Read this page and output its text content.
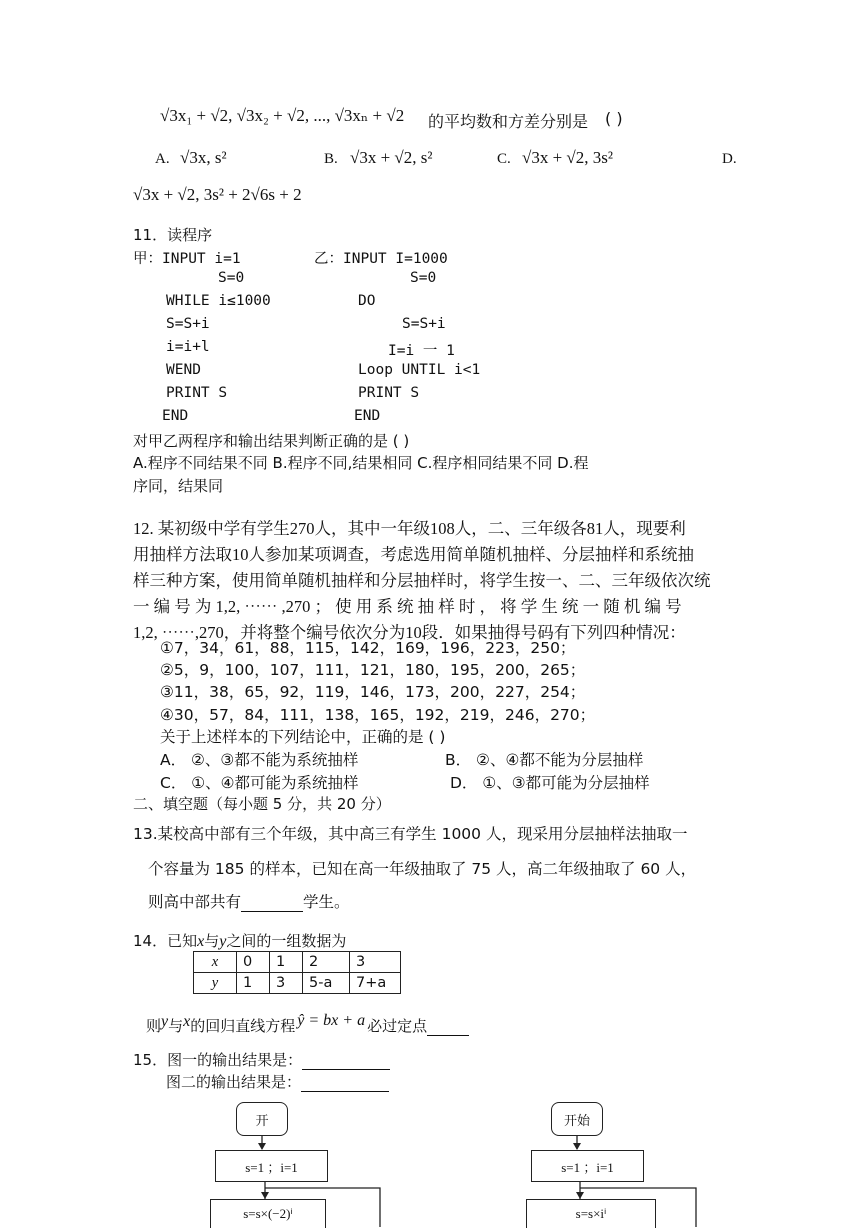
√3x₁ + √2, √3x₂ + √2, ..., √3xₙ + √2 的平均数和方差分别是 ( )
A. √3x, s²	B. √3x + √2, s²	C. √3x + √2, 3s²	D.
√3x + √2, 3s² + 2√6s + 2
11．读程序
甲：INPUT i=1	乙：INPUT I=1000
S=0
WHILE i≤1000
S=S+i
i=i+l
WEND
PRINT S
END
S=0
DO
S=S+i
I=i 一 1
Loop UNTIL i<1
PRINT S
END
对甲乙两程序和输出结果判断正确的是 ( )
A.程序不同结果不同 B.程序不同,结果相同 C.程序相同结果不同 D.程
序同，结果同
12. 某初级中学有学生270人，其中一年级108人，二、三年级各81人，现要利
用抽样方法取10人参加某项调查，考虑选用简单随机抽样、分层抽样和系统抽
样三种方案，使用简单随机抽样和分层抽样时，将学生按一、二、三年级依次统
一 编 号 为 1,2, ⋯⋯ ,270 ； 使 用 系 统 抽 样 时 ， 将 学 生 统 一 随 机 编 号
1,2, ⋯⋯,270，并将整个编号依次分为10段．如果抽得号码有下列四种情况：
①7，34，61，88，115，142，169，196，223，250；
②5，9，100，107，111，121，180，195，200，265；
③11，38，65，92，119，146，173，200，227，254；
④30，57，84，111，138，165，192，219，246，270；
关于上述样本的下列结论中，正确的是 ( )
A． ②、③都不能为系统抽样	B． ②、④都不能为分层抽样
C． ①、④都可能为系统抽样	D． ①、③都可能为分层抽样
二、填空题（每小题 5 分，共 20 分）
13.某校高中部有三个年级，其中高三有学生 1000 人，现采用分层抽样法抽取一
个容量为 185 的样本，已知在高一年级抽取了 75 人，高二年级抽取了 60 人，
则高中部共有	学生。
14．已知x与y之间的一组数据为
x	0	1	2	3
y	1	3	5-a	7+a
则y与x的回归直线方程 ŷ = bx + a 必过定点
15．图一的输出结果是：
图二的输出结果是：
开
s=1 ；i=1
s=s×(−2)ⁱ
开始
s=1 ；i=1
s=s×iⁱ
